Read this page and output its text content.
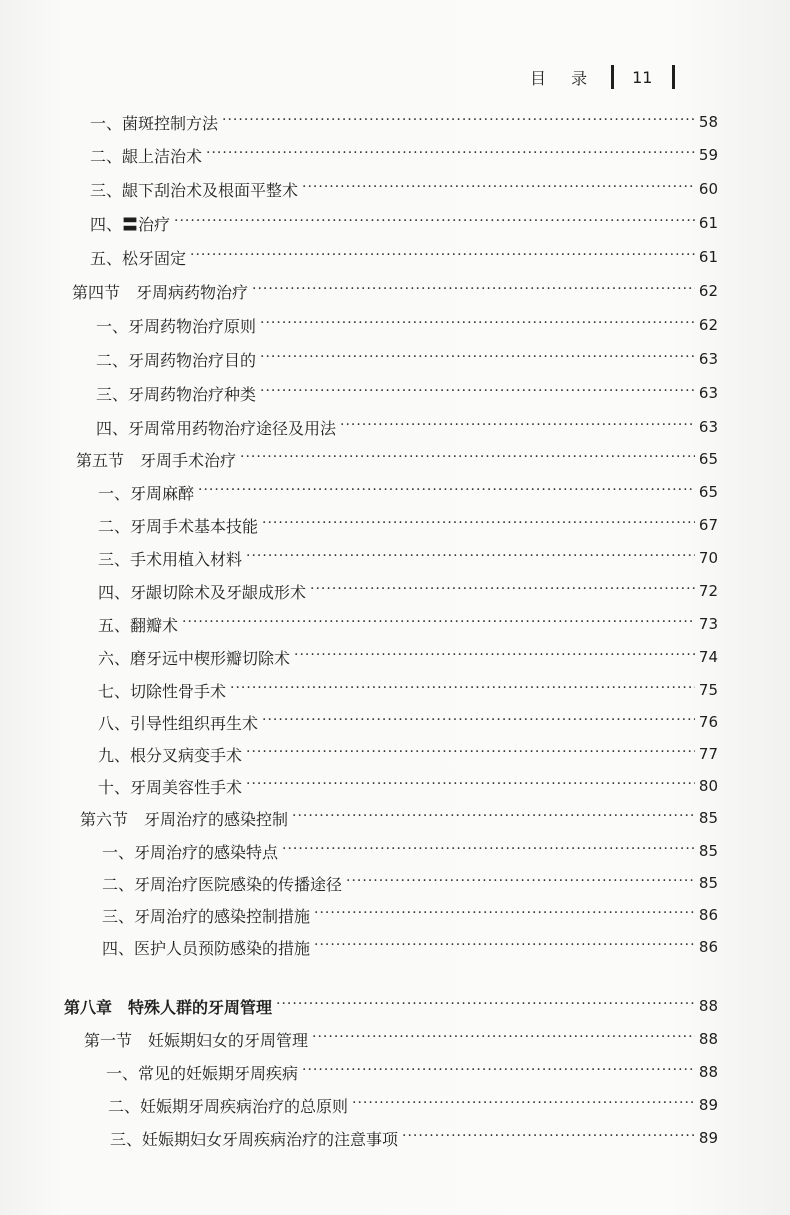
目 录 11
一、菌斑控制方法 ·····	58
二、龈上洁治术 ·····	59
三、龈下刮治术及根面平整术 ·····	60
四、〓治疗 ·····	61
五、松牙固定 ·····	61
第四节 牙周病药物治疗 ·····	62
一、牙周药物治疗原则 ·····	62
二、牙周药物治疗目的 ·····	63
三、牙周药物治疗种类 ·····	63
四、牙周常用药物治疗途径及用法 ·····	63
第五节 牙周手术治疗 ·····	65
一、牙周麻醉 ·····	65
二、牙周手术基本技能 ·····	67
三、手术用植入材料 ·····	70
四、牙龈切除术及牙龈成形术 ·····	72
五、翻瓣术 ·····	73
六、磨牙远中楔形瓣切除术 ·····	74
七、切除性骨手术 ·····	75
八、引导性组织再生术 ·····	76
九、根分叉病变手术 ·····	77
十、牙周美容性手术 ·····	80
第六节 牙周治疗的感染控制 ·····	85
一、牙周治疗的感染特点 ·····	85
二、牙周治疗医院感染的传播途径 ·····	85
三、牙周治疗的感染控制措施 ·····	86
四、医护人员预防感染的措施 ·····	86
第八章　特殊人群的牙周管理 ·····	88
第一节 妊娠期妇女的牙周管理 ·····	88
一、常见的妊娠期牙周疾病 ·····	88
二、妊娠期牙周疾病治疗的总原则 ·····	89
三、妊娠期妇女牙周疾病治疗的注意事项 ·····	89
